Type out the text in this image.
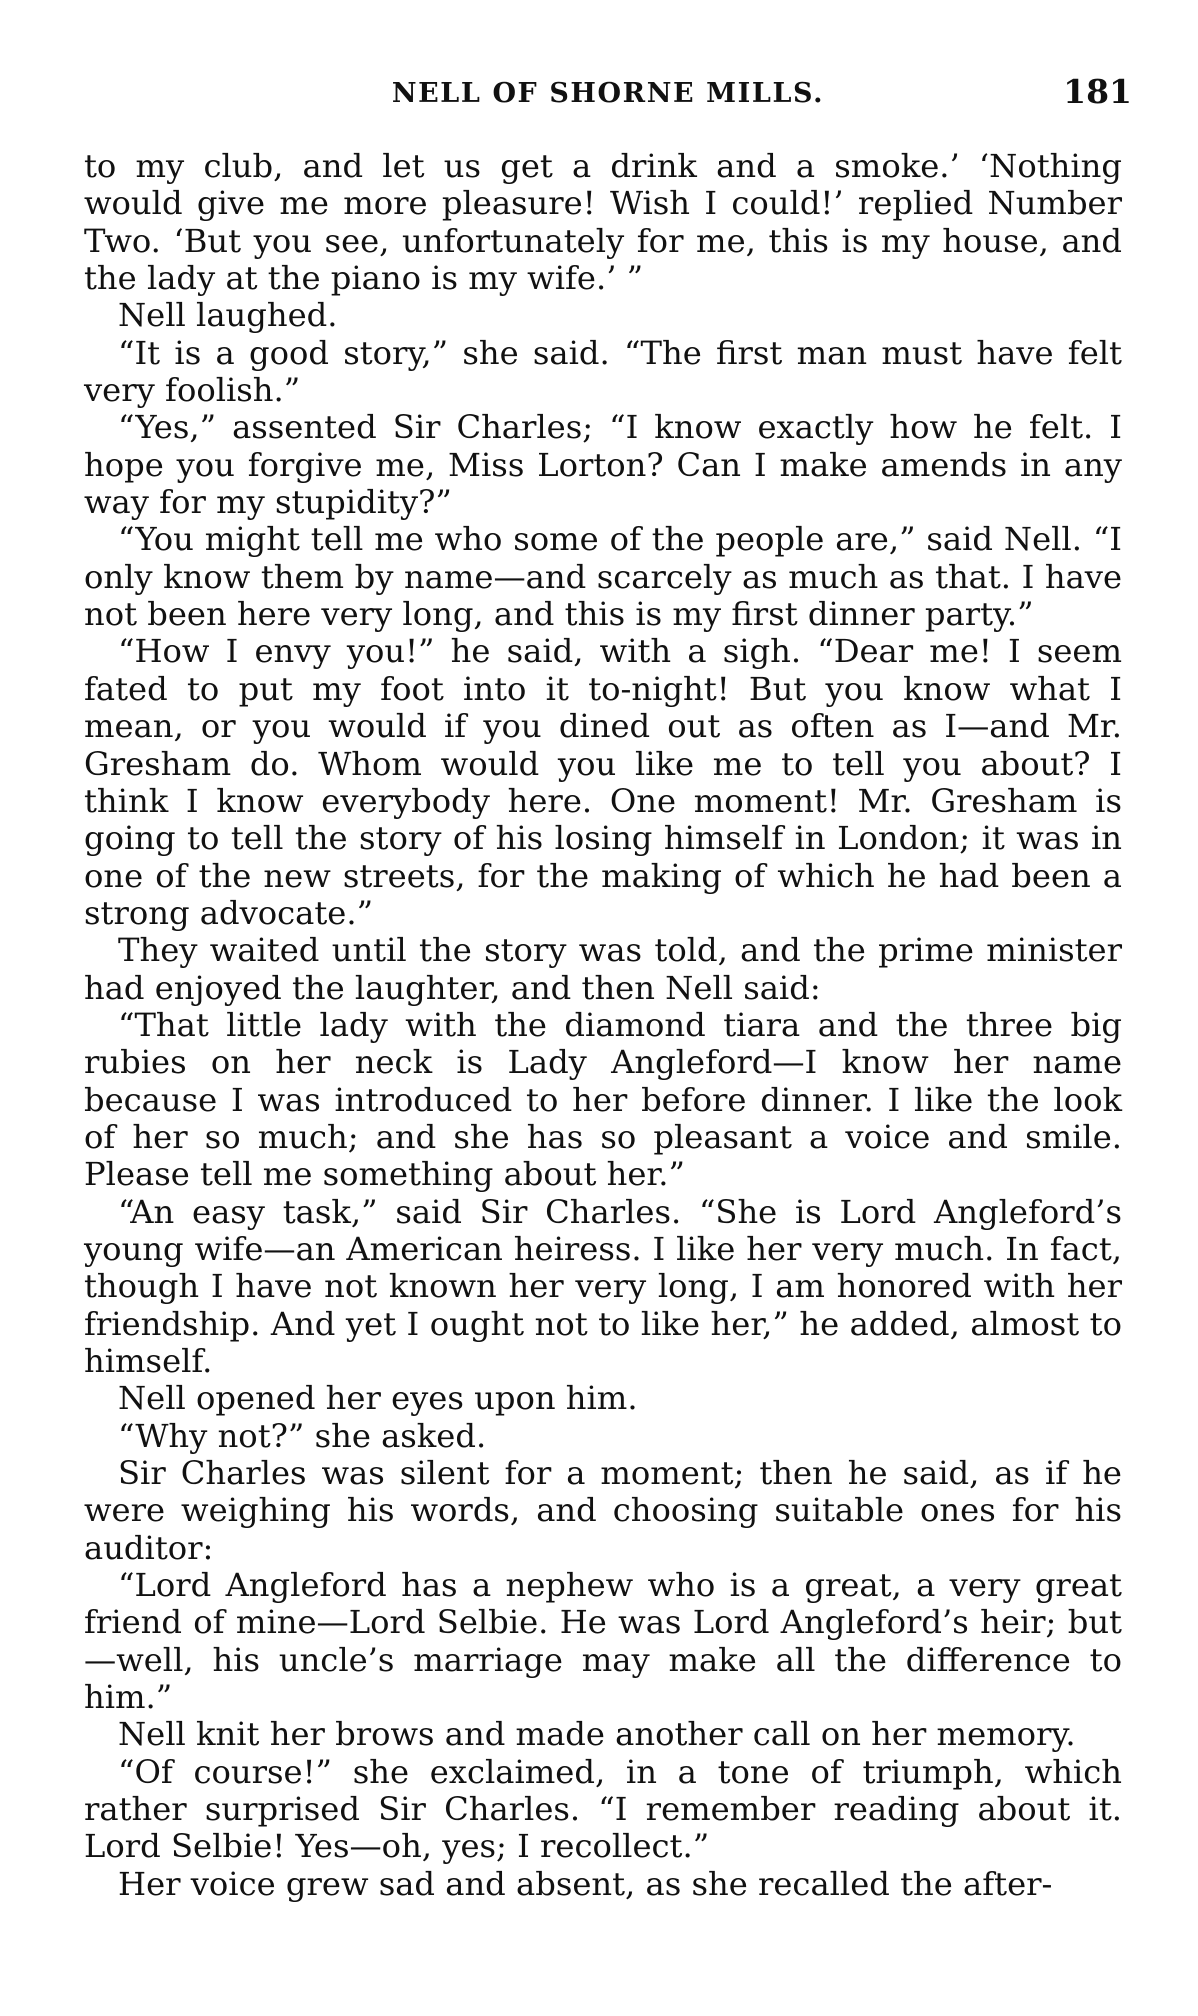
NELL OF SHORNE MILLS.	181

to my club, and let us get a drink and a smoke.’ ‘Nothing would give me more pleasure! Wish I could!’ replied Number Two. ‘But you see, unfortunately for me, this is my house, and the lady at the piano is my wife.’ ”

Nell laughed.

“It is a good story,” she said. “The first man must have felt very foolish.”

“Yes,” assented Sir Charles; “I know exactly how he felt. I hope you forgive me, Miss Lorton? Can I make amends in any way for my stupidity?”

“You might tell me who some of the people are,” said Nell. “I only know them by name—and scarcely as much as that. I have not been here very long, and this is my first dinner party.”

“How I envy you!” he said, with a sigh. “Dear me! I seem fated to put my foot into it to-night! But you know what I mean, or you would if you dined out as often as I—and Mr. Gresham do. Whom would you like me to tell you about? I think I know everybody here. One moment! Mr. Gresham is going to tell the story of his losing himself in London; it was in one of the new streets, for the making of which he had been a strong advocate.”

They waited until the story was told, and the prime minister had enjoyed the laughter, and then Nell said:

“That little lady with the diamond tiara and the three big rubies on her neck is Lady Angleford—I know her name because I was introduced to her before dinner. I like the look of her so much; and she has so pleasant a voice and smile. Please tell me something about her.”

“An easy task,” said Sir Charles. “She is Lord Angleford’s young wife—an American heiress. I like her very much. In fact, though I have not known her very long, I am honored with her friendship. And yet I ought not to like her,” he added, almost to himself.

Nell opened her eyes upon him.

“Why not?” she asked.

Sir Charles was silent for a moment; then he said, as if he were weighing his words, and choosing suitable ones for his auditor:

“Lord Angleford has a nephew who is a great, a very great friend of mine—Lord Selbie. He was Lord Angleford’s heir; but—well, his uncle’s marriage may make all the difference to him.”

Nell knit her brows and made another call on her memory.

“Of course!” she exclaimed, in a tone of triumph, which rather surprised Sir Charles. “I remember reading about it. Lord Selbie! Yes—oh, yes; I recollect.”

Her voice grew sad and absent, as she recalled the after-
